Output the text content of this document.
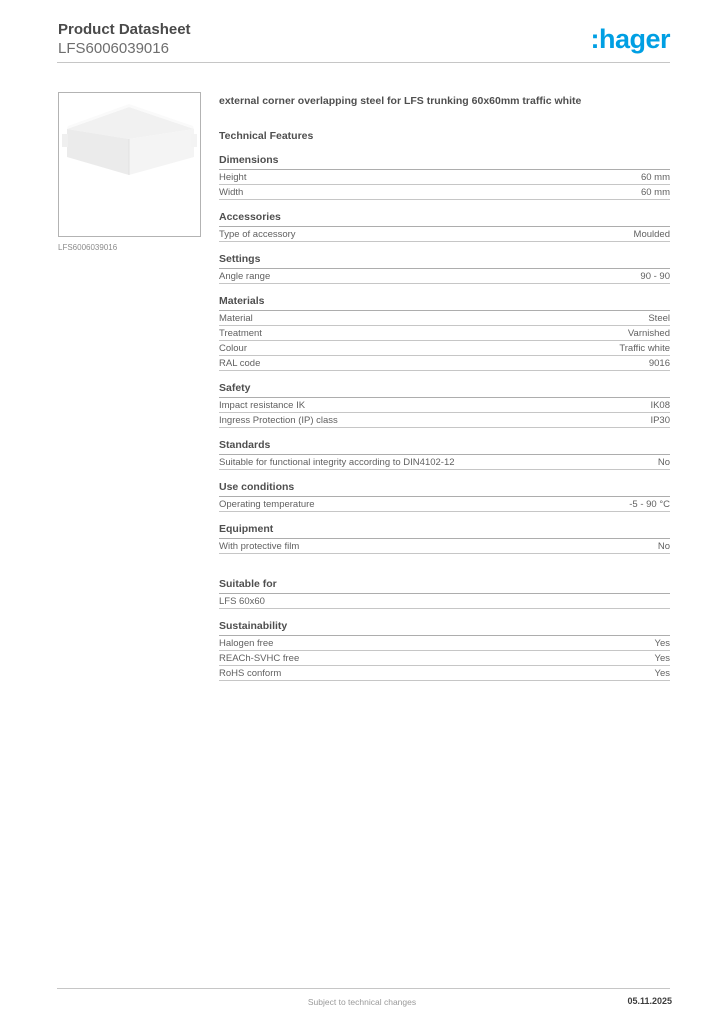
Product Datasheet
LFS6006039016	:hager
LFS6006039016
external corner overlapping steel for LFS trunking 60x60mm traffic white
Technical Features
Dimensions
Height	60 mm
Width	60 mm
Accessories
Type of accessory	Moulded
Settings
Angle range	90 - 90
Materials
Material	Steel
Treatment	Varnished
Colour	Traffic white
RAL code	9016
Safety
Impact resistance IK	IK08
Ingress Protection (IP) class	IP30
Standards
Suitable for functional integrity according to DIN4102-12	No
Use conditions
Operating temperature	-5 - 90 °C
Equipment
With protective film	No
Suitable for
LFS 60x60
Sustainability
Halogen free	Yes
REACh-SVHC free	Yes
RoHS conform	Yes
Subject to technical changes	05.11.2025
